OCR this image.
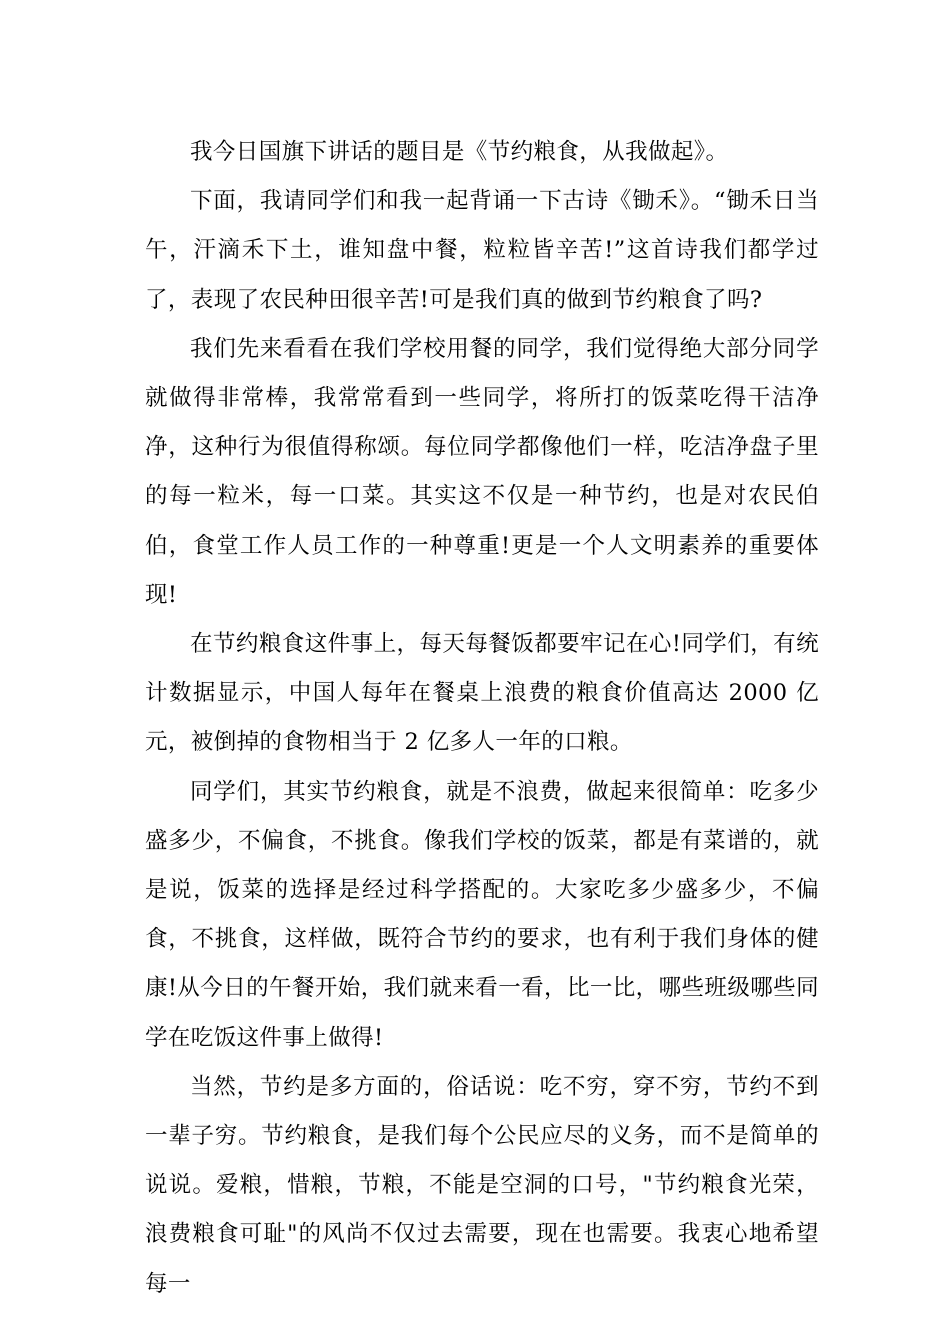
我今日国旗下讲话的题目是《节约粮食，从我做起》。

下面，我请同学们和我一起背诵一下古诗《锄禾》。“锄禾日当午，汗滴禾下土，谁知盘中餐，粒粒皆辛苦!”这首诗我们都学过了，表现了农民种田很辛苦!可是我们真的做到节约粮食了吗?

我们先来看看在我们学校用餐的同学，我们觉得绝大部分同学就做得非常棒，我常常看到一些同学，将所打的饭菜吃得干洁净净，这种行为很值得称颂。每位同学都像他们一样，吃洁净盘子里的每一粒米，每一口菜。其实这不仅是一种节约，也是对农民伯伯，食堂工作人员工作的一种尊重!更是一个人文明素养的重要体现!

在节约粮食这件事上，每天每餐饭都要牢记在心!同学们，有统计数据显示，中国人每年在餐桌上浪费的粮食价值高达 2000 亿元，被倒掉的食物相当于 2 亿多人一年的口粮。

同学们，其实节约粮食，就是不浪费，做起来很简单：吃多少盛多少，不偏食，不挑食。像我们学校的饭菜，都是有菜谱的，就是说，饭菜的选择是经过科学搭配的。大家吃多少盛多少，不偏食，不挑食，这样做，既符合节约的要求，也有利于我们身体的健康!从今日的午餐开始，我们就来看一看，比一比，哪些班级哪些同学在吃饭这件事上做得!

当然，节约是多方面的，俗话说：吃不穷，穿不穷，节约不到一辈子穷。节约粮食，是我们每个公民应尽的义务，而不是简单的说说。爱粮，惜粮，节粮，不能是空洞的口号，"节约粮食光荣，浪费粮食可耻"的风尚不仅过去需要，现在也需要。我衷心地希望每一
